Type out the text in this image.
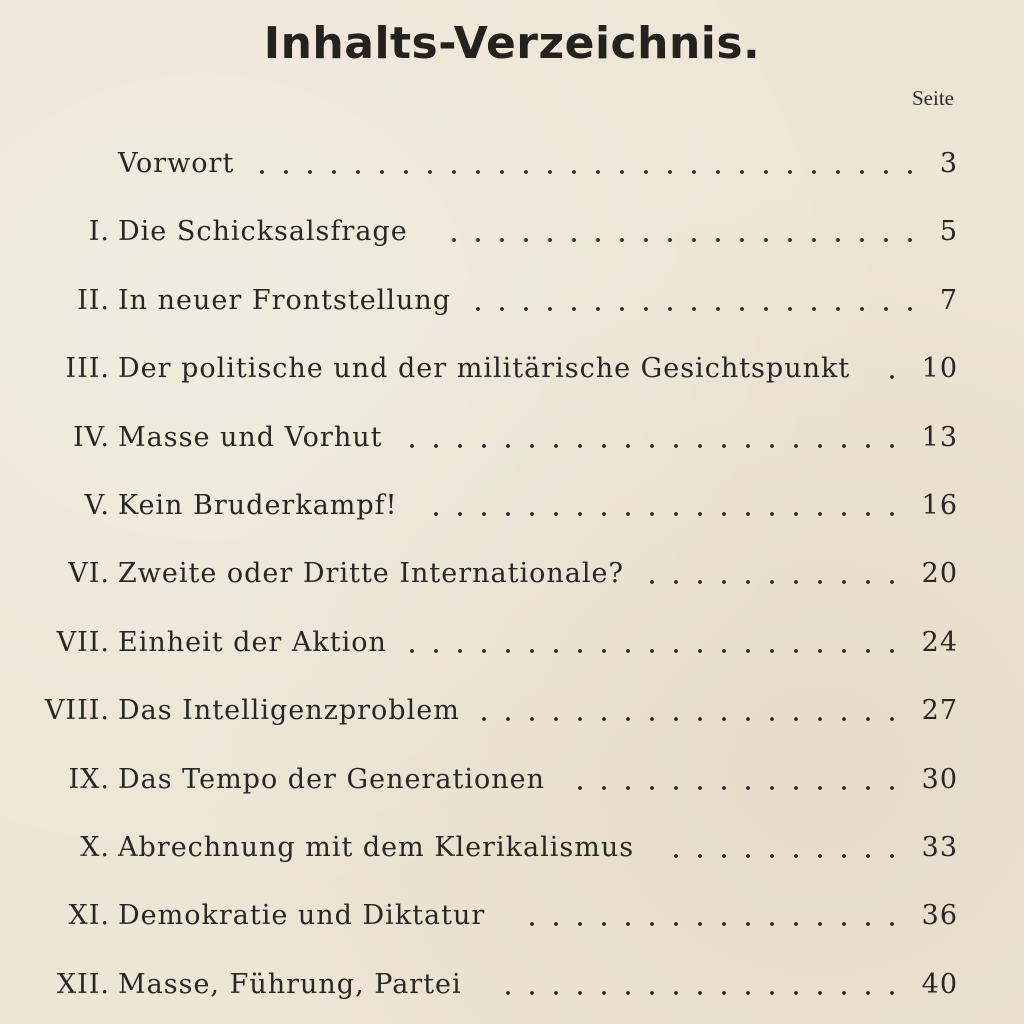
Inhalts-Verzeichnis.
Seite
Vorwort	3
I. Die Schicksalsfrage	5
II. In neuer Frontstellung	7
III. Der politische und der militärische Gesichtspunkt	10
IV. Masse und Vorhut	13
V. Kein Bruderkampf!	16
VI. Zweite oder Dritte Internationale?	20
VII. Einheit der Aktion	24
VIII. Das Intelligenzproblem	27
IX. Das Tempo der Generationen	30
X. Abrechnung mit dem Klerikalismus	33
XI. Demokratie und Diktatur	36
XII. Masse, Führung, Partei	40
